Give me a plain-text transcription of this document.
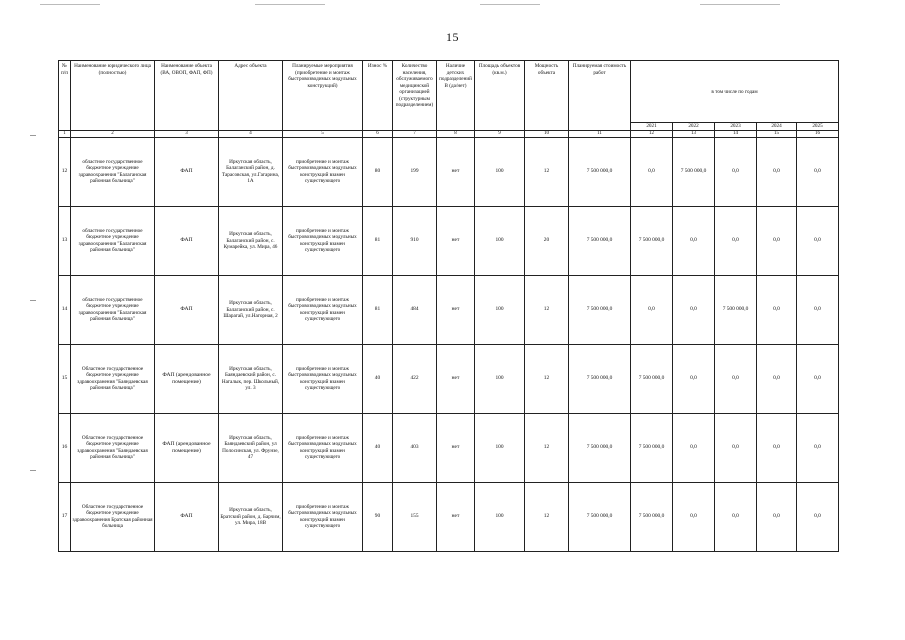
15
№ п/п	Наименование юридического лица (полностью)	Наименование объекта (ВА, ОВОП, ФАП, ФП)	Адрес объекта	Планируемые мероприятия (приобретение и монтаж быстровозводимых модульных конструкций)	Износ %	Количество населения, обслуживаемого медицинской организацией (структурным подразделением)	Наличие детских подразделений В (да/нет)	Площадь объектов (кв.м.)	Мощность объекта	Планируемая стоимость работ	в том числе по годам				
											2021	2022	2023	2024	2025
1	2	3	4	5	6	7	8	9	10	11	12	13	14	15	16
12	областное государственное бюджетное учреждение здравоохранения "Балаганская районная больница"	ФАП	Иркутская область, Балаганский район, д. Тарасовская, ул.Гагарина, 1А	приобретение и монтаж быстровозводимых модульных конструкций взамен существующего	80	199	нет	100	12	7 500 000,0	0,0	7 500 000,0	0,0	0,0	0,0
13	областное государственное бюджетное учреждение здравоохранения "Балаганская районная больница"	ФАП	Иркутская область, Балаганский район, с. Кумарейка, ул. Мира, 46	приобретение и монтаж быстровозводимых модульных конструкций взамен существующего	81	910	нет	100	20	7 500 000,0	7 500 000,0	0,0	0,0	0,0	0,0
14	областное государственное бюджетное учреждение здравоохранения "Балаганская районная больница"	ФАП	Иркутская область, Балаганский район, с. Шарагай, ул.Нагорная, 2	приобретение и монтаж быстровозводимых модульных конструкций взамен существующего	81	484	нет	100	12	7 500 000,0	0,0	0,0	7 500 000,0	0,0	0,0
15	Областное государственное бюджетное учреждение здравоохранения "Баяндаевская районная больница"	ФАП (арендованное помещение)	Иркутская область, Баяндаевский район, с. Нагалык, пер. Школьный, ул. 3	приобретение и монтаж быстровозводимых модульных конструкций взамен существующего	40	422	нет	100	12	7 500 000,0	7 500 000,0	0,0	0,0	0,0	0,0
16	Областное государственное бюджетное учреждение здравоохранения "Баяндаевская районная больница"	ФАП (арендованное помещение)	Иркутская область, Баяндаевский район, ул Полосинская, ул. Фрунзе, 47	приобретение и монтаж быстровозводимых модульных конструкций взамен существующего	40	403	нет	100	12	7 500 000,0	7 500 000,0	0,0	0,0	0,0	0,0
17	Областное государственное бюджетное учреждение здравоохранения Братская районная больница	ФАП	Иркутская область, Братский район, д. Барчим, ул. Мира, 18В	приобретение и монтаж быстровозводимых модульных конструкций взамен существующего	90	155	нет	100	12	7 500 000,0	7 500 000,0	0,0	0,0	0,0	0,0
